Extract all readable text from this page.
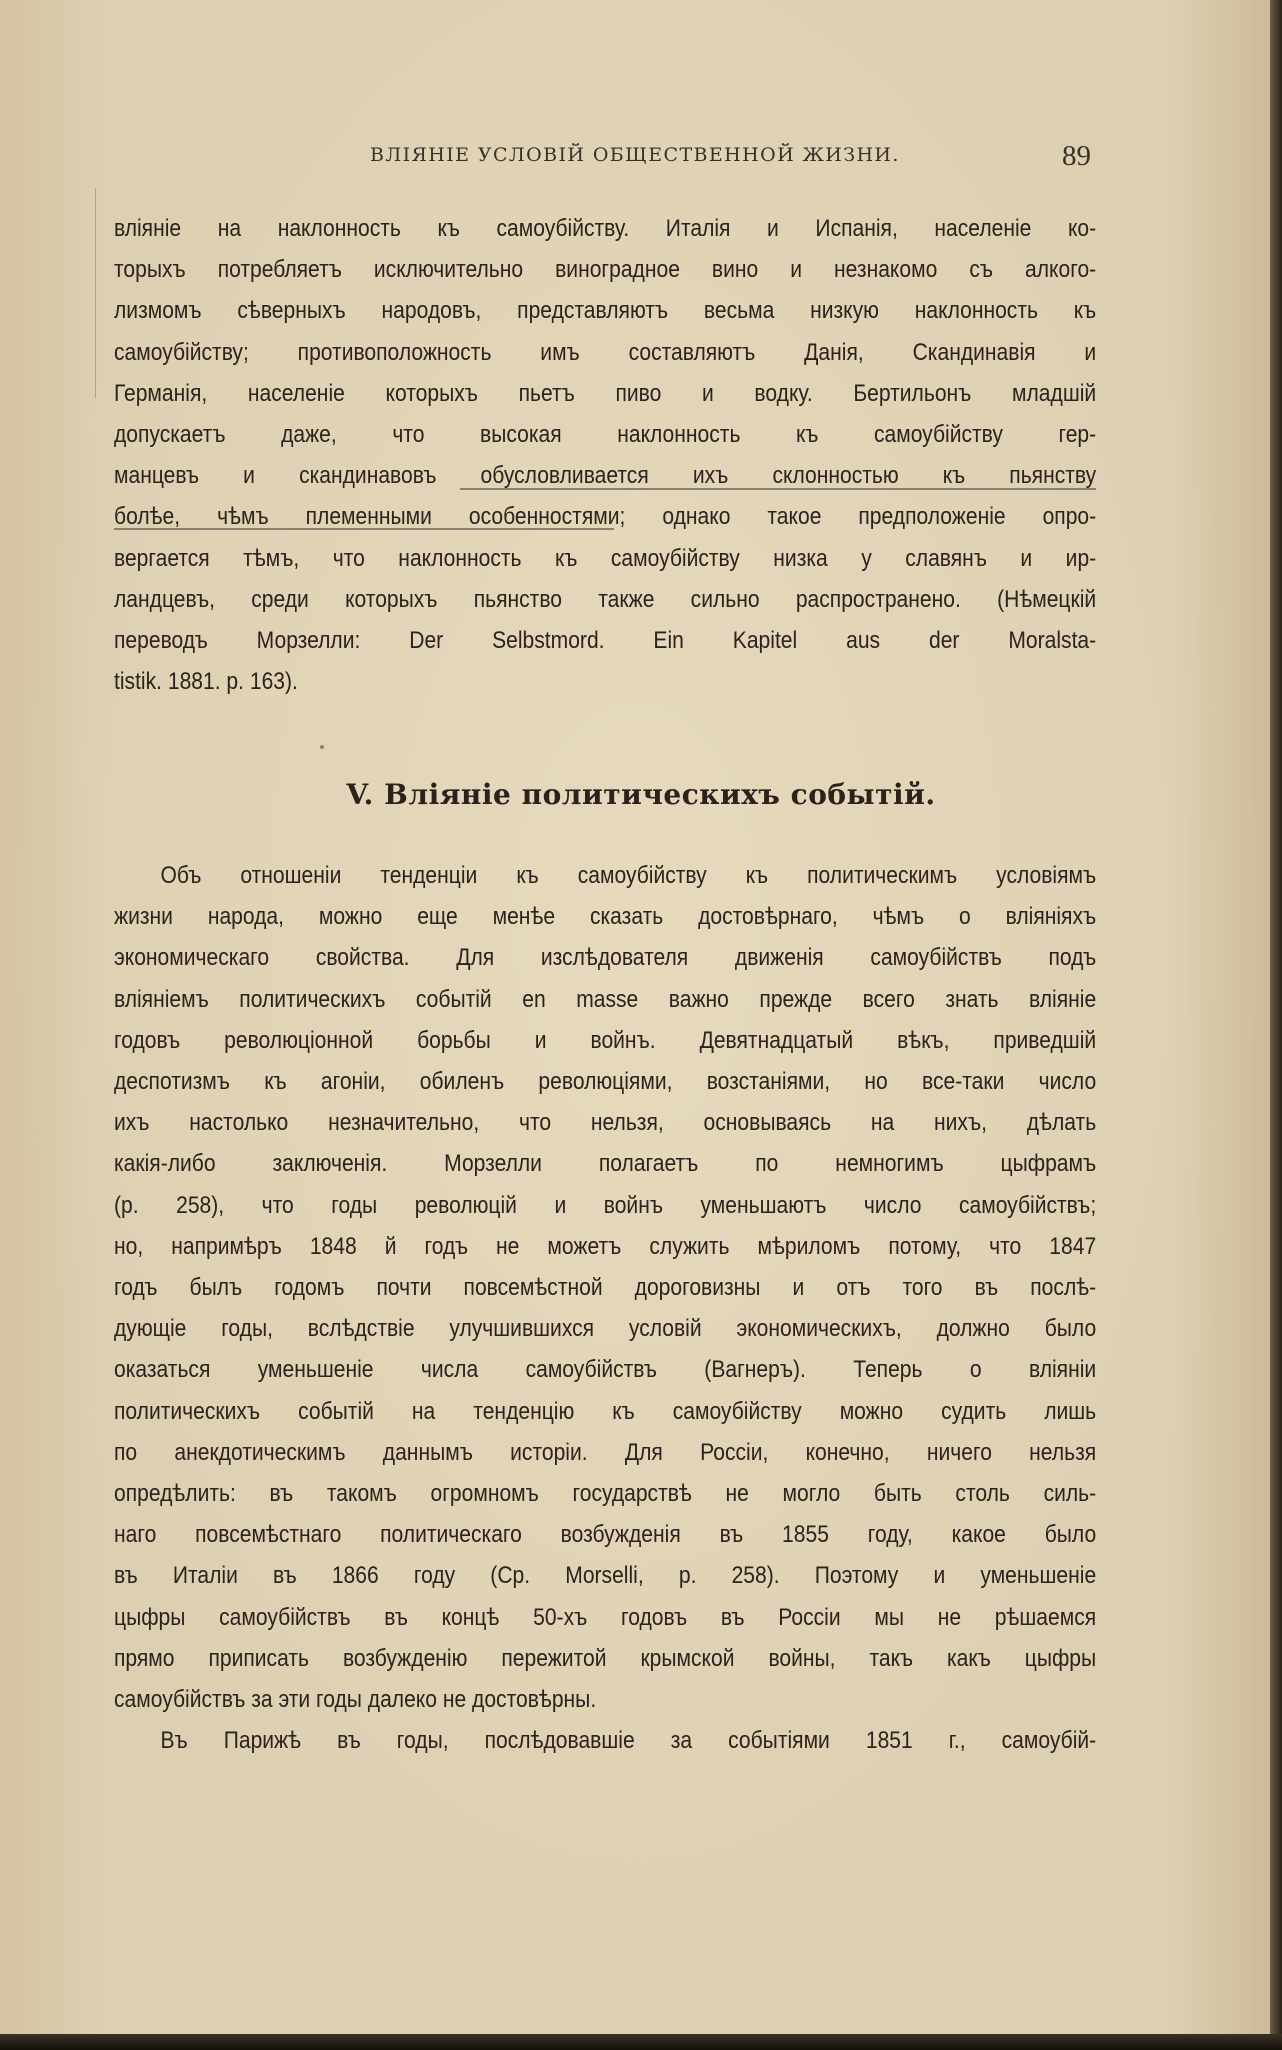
ВЛІЯНІЕ УСЛОВІЙ ОБЩЕСТВЕННОЙ ЖИЗНИ.	89
вліяніе на наклонность къ самоубійству. Италія и Испанія, населеніе ко-
торыхъ потребляетъ исключительно виноградное вино и незнакомо съ алкого-
лизмомъ сѣверныхъ народовъ, представляютъ весьма низкую наклонность къ
самоубійству; противоположность имъ составляютъ Данія, Скандинавія и
Германія, населеніе которыхъ пьетъ пиво и водку. Бертильонъ младшій
допускаетъ даже, что высокая наклонность къ самоубійству гер-
манцевъ и скандинавовъ обусловливается ихъ склонностью къ пьянству
болѣе, чѣмъ племенными особенностями; однако такое предположеніе опро-
вергается тѣмъ, что наклонность къ самоубійству низка у славянъ и ир-
ландцевъ, среди которыхъ пьянство также сильно распространено. (Нѣмецкій
переводъ Морзелли: Der Selbstmord. Ein Kapitel aus der Moralsta-
tistik. 1881. p. 163).
V. Вліяніе политическихъ событій.
Объ отношеніи тенденціи къ самоубійству къ политическимъ условіямъ
жизни народа, можно еще менѣе сказать достовѣрнаго, чѣмъ о вліяніяхъ
экономическаго свойства. Для изслѣдователя движенія самоубійствъ подъ
вліяніемъ политическихъ событій en masse важно прежде всего знать вліяніе
годовъ революціонной борьбы и войнъ. Девятнадцатый вѣкъ, приведшій
деспотизмъ къ агоніи, обиленъ революціями, возстаніями, но все-таки число
ихъ настолько незначительно, что нельзя, основываясь на нихъ, дѣлать
какія-либо заключенія. Морзелли полагаетъ по немногимъ цыфрамъ
(p. 258), что годы революцій и войнъ уменьшаютъ число самоубійствъ;
но, напримѣръ 1848 й годъ не можетъ служить мѣриломъ потому, что 1847
годъ былъ годомъ почти повсемѣстной дороговизны и отъ того въ послѣ-
дующіе годы, вслѣдствіе улучшившихся условій экономическихъ, должно было
оказаться уменьшеніе числа самоубійствъ (Вагнеръ). Теперь о вліяніи
политическихъ событій на тенденцію къ самоубійству можно судить лишь
по анекдотическимъ даннымъ исторіи. Для Россіи, конечно, ничего нельзя
опредѣлить: въ такомъ огромномъ государствѣ не могло быть столь силь-
наго повсемѣстнаго политическаго возбужденія въ 1855 году, какое было
въ Италіи въ 1866 году (Ср. Morselli, p. 258). Поэтому и уменьшеніе
цыфры самоубійствъ въ концѣ 50-хъ годовъ въ Россіи мы не рѣшаемся
прямо приписать возбужденію пережитой крымской войны, такъ какъ цыфры
самоубійствъ за эти годы далеко не достовѣрны.
Въ Парижѣ въ годы, послѣдовавшіе за событіями 1851 г., самоубій-
